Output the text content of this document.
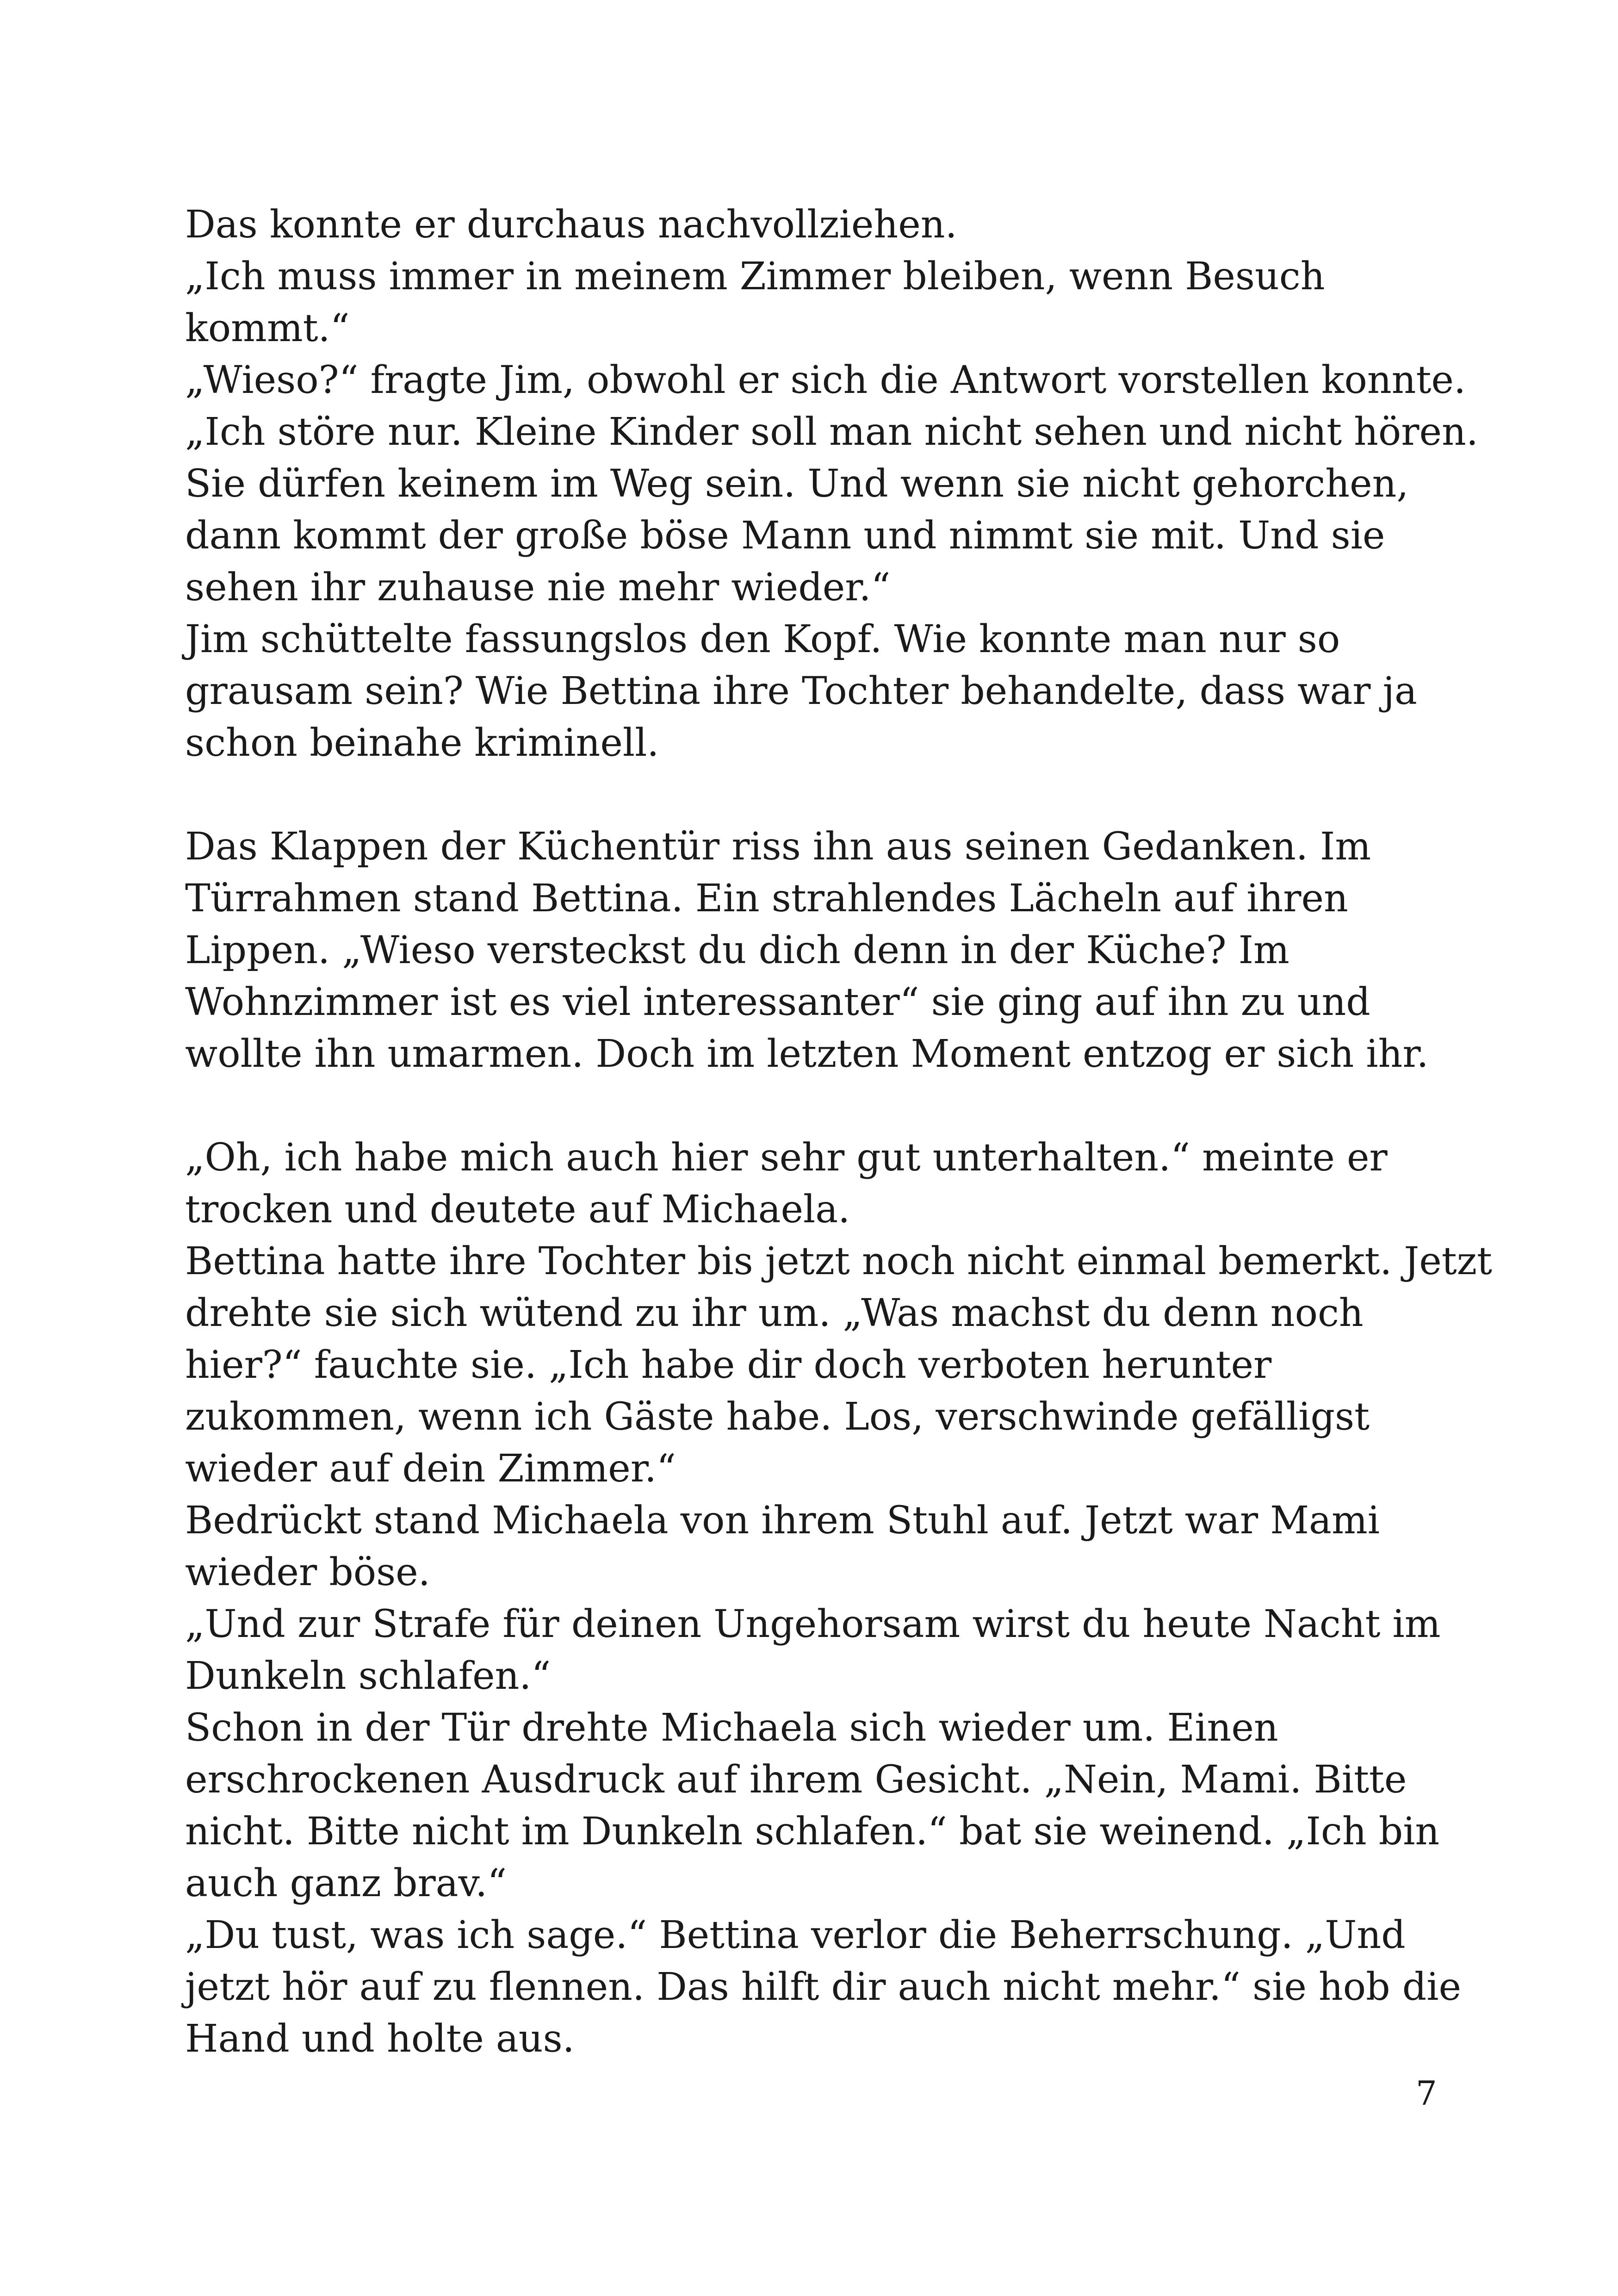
Das konnte er durchaus nachvollziehen.
„Ich muss immer in meinem Zimmer bleiben, wenn Besuch
kommt.“
„Wieso?“ fragte Jim, obwohl er sich die Antwort vorstellen konnte.
„Ich störe nur. Kleine Kinder soll man nicht sehen und nicht hören.
Sie dürfen keinem im Weg sein. Und wenn sie nicht gehorchen,
dann kommt der große böse Mann und nimmt sie mit. Und sie
sehen ihr zuhause nie mehr wieder.“
Jim schüttelte fassungslos den Kopf. Wie konnte man nur so
grausam sein? Wie Bettina ihre Tochter behandelte, dass war ja
schon beinahe kriminell.
Das Klappen der Küchentür riss ihn aus seinen Gedanken. Im
Türrahmen stand Bettina. Ein strahlendes Lächeln auf ihren
Lippen. „Wieso versteckst du dich denn in der Küche? Im
Wohnzimmer ist es viel interessanter“ sie ging auf ihn zu und
wollte ihn umarmen. Doch im letzten Moment entzog er sich ihr.
„Oh, ich habe mich auch hier sehr gut unterhalten.“ meinte er
trocken und deutete auf Michaela.
Bettina hatte ihre Tochter bis jetzt noch nicht einmal bemerkt. Jetzt
drehte sie sich wütend zu ihr um. „Was machst du denn noch
hier?“ fauchte sie. „Ich habe dir doch verboten herunter
zukommen, wenn ich Gäste habe. Los, verschwinde gefälligst
wieder auf dein Zimmer.“
Bedrückt stand Michaela von ihrem Stuhl auf. Jetzt war Mami
wieder böse.
„Und zur Strafe für deinen Ungehorsam wirst du heute Nacht im
Dunkeln schlafen.“
Schon in der Tür drehte Michaela sich wieder um. Einen
erschrockenen Ausdruck auf ihrem Gesicht. „Nein, Mami. Bitte
nicht. Bitte nicht im Dunkeln schlafen.“ bat sie weinend. „Ich bin
auch ganz brav.“
„Du tust, was ich sage.“ Bettina verlor die Beherrschung. „Und
jetzt hör auf zu flennen. Das hilft dir auch nicht mehr.“ sie hob die
Hand und holte aus.
7
